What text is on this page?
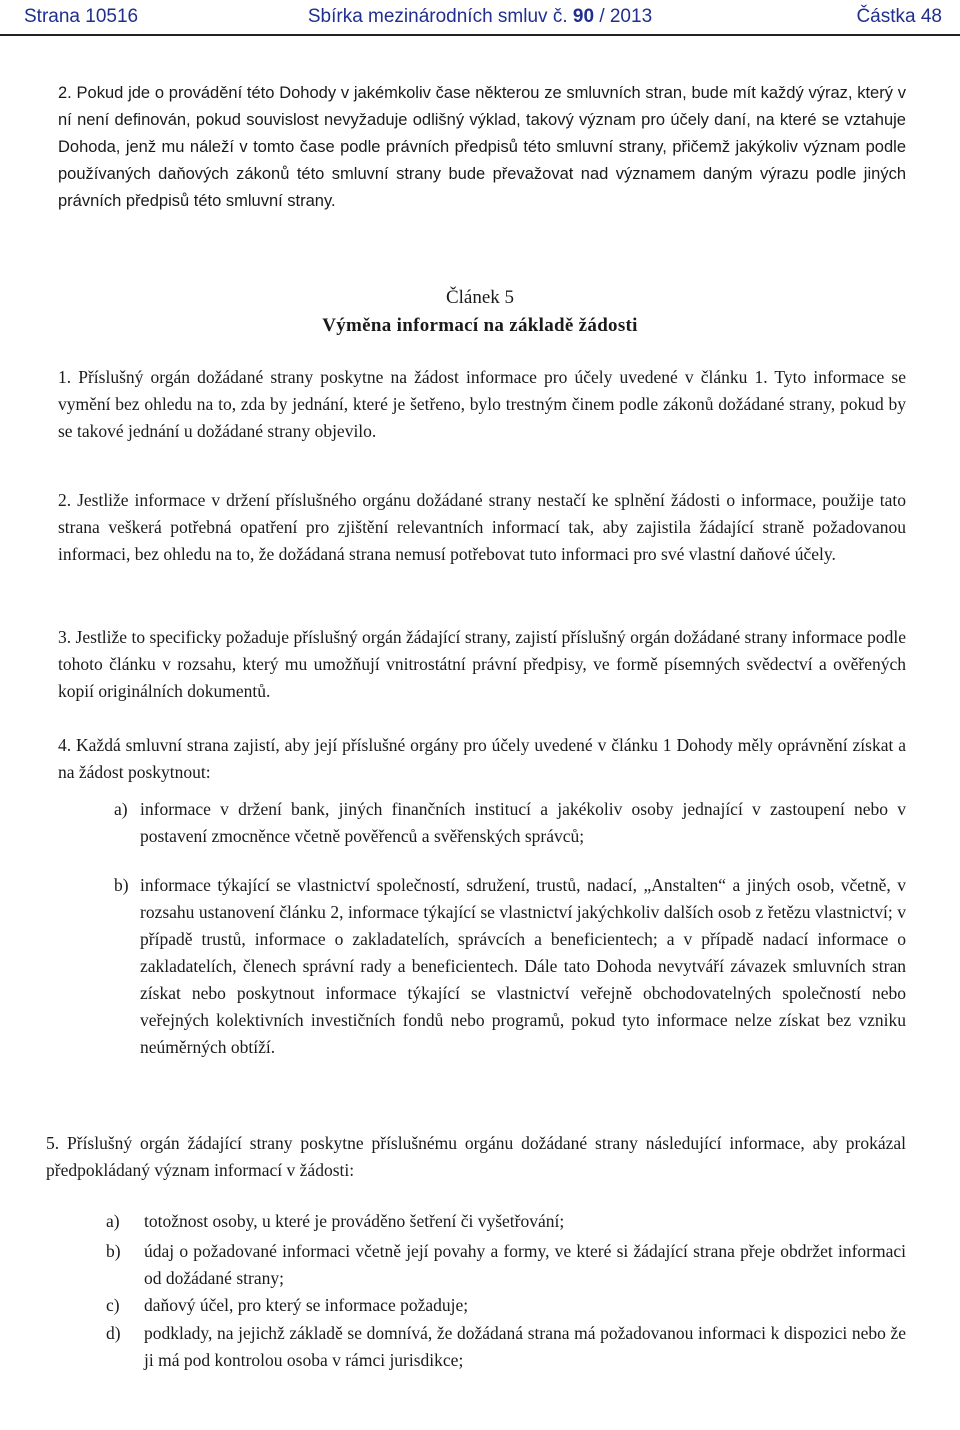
Strana 10516	Sbírka mezinárodních smluv č. 90 / 2013	Částka 48

2. Pokud jde o provádění této Dohody v jakémkoliv čase některou ze smluvních stran, bude mít každý výraz, který v ní není definován, pokud souvislost nevyžaduje odlišný výklad, takový význam pro účely daní, na které se vztahuje Dohoda, jenž mu náleží v tomto čase podle právních předpisů této smluvní strany, přičemž jakýkoliv význam podle používaných daňových zákonů této smluvní strany bude převažovat nad významem daným výrazu podle jiných právních předpisů této smluvní strany.

Článek 5
Výměna informací na základě žádosti

1. Příslušný orgán dožádané strany poskytne na žádost informace pro účely uvedené v článku 1. Tyto informace se vymění bez ohledu na to, zda by jednání, které je šetřeno, bylo trestným činem podle zákonů dožádané strany, pokud by se takové jednání u dožádané strany objevilo.

2. Jestliže informace v držení příslušného orgánu dožádané strany nestačí ke splnění žádosti o informace, použije tato strana veškerá potřebná opatření pro zjištění relevantních informací tak, aby zajistila žádající straně požadovanou informaci, bez ohledu na to, že dožádaná strana nemusí potřebovat tuto informaci pro své vlastní daňové účely.

3. Jestliže to specificky požaduje příslušný orgán žádající strany, zajistí příslušný orgán dožádané strany informace podle tohoto článku v rozsahu, který mu umožňují vnitrostátní právní předpisy, ve formě písemných svědectví a ověřených kopií originálních dokumentů.

4. Každá smluvní strana zajistí, aby její příslušné orgány pro účely uvedené v článku 1 Dohody měly oprávnění získat a na žádost poskytnout:

a) informace v držení bank, jiných finančních institucí a jakékoliv osoby jednající v zastoupení nebo v postavení zmocněnce včetně pověřenců a svěřenských správců;

b) informace týkající se vlastnictví společností, sdružení, trustů, nadací, „Anstalten“ a jiných osob, včetně, v rozsahu ustanovení článku 2, informace týkající se vlastnictví jakýchkoliv dalších osob z řetězu vlastnictví; v případě trustů, informace o zakladatelích, správcích a beneficientech; a v případě nadací informace o zakladatelích, členech správní rady a beneficientech. Dále tato Dohoda nevytváří závazek smluvních stran získat nebo poskytnout informace týkající se vlastnictví veřejně obchodovatelných společností nebo veřejných kolektivních investičních fondů nebo programů, pokud tyto informace nelze získat bez vzniku neúměrných obtíží.

5. Příslušný orgán žádající strany poskytne příslušnému orgánu dožádané strany následující informace, aby prokázal předpokládaný význam informací v žádosti:

a) totožnost osoby, u které je prováděno šetření či vyšetřování;

b) údaj o požadované informaci včetně její povahy a formy, ve které si žádající strana přeje obdržet informaci od dožádané strany;

c) daňový účel, pro který se informace požaduje;

d) podklady, na jejichž základě se domnívá, že dožádaná strana má požadovanou informaci k dispozici nebo že ji má pod kontrolou osoba v rámci jurisdikce;
